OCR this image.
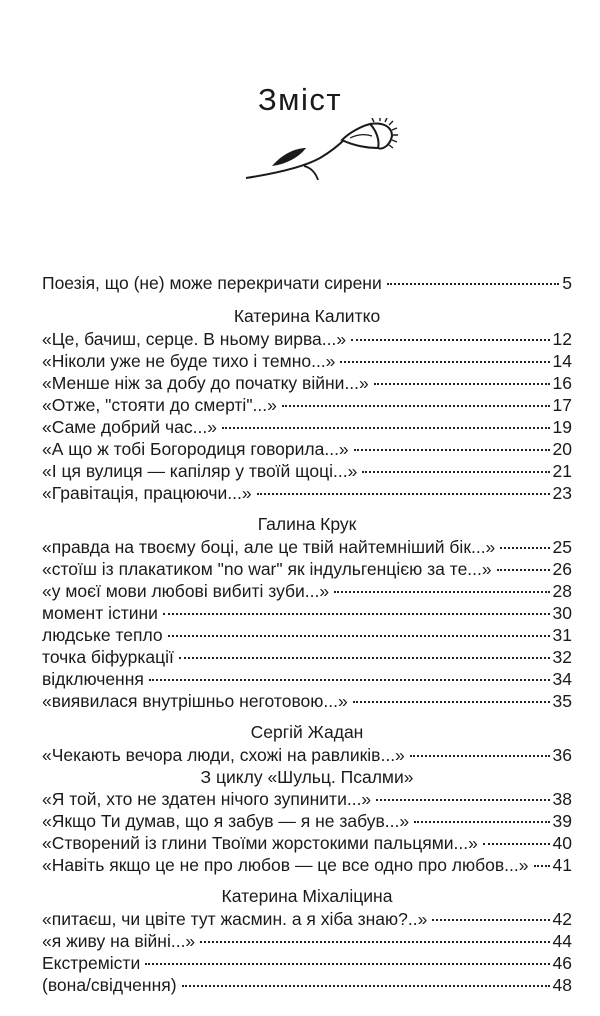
Зміст
Поезія, що (не) може перекричати сирени	5
Катерина Калитко
«Це, бачиш, серце. В ньому вирва...»	12
«Ніколи уже не буде тихо і темно...»	14
«Менше ніж за добу до початку війни...»	16
«Отже, "стояти до смерті"...»	17
«Саме добрий час...»	19
«А що ж тобі Богородиця говорила...»	20
«І ця вулиця — капіляр у твоїй щоці...»	21
«Гравітація, працюючи...»	23
Галина Крук
«правда на твоєму боці, але це твій найтемніший бік...»	25
«стоїш із плакатиком "no war" як індульгенцією за те...»	26
«у моєї мови любові вибиті зуби...»	28
момент істини	30
людське тепло	31
точка біфуркації	32
відключення	34
«виявилася внутрішньо неготовою...»	35
Сергій Жадан
«Чекають вечора люди, схожі на равликів...»	36
З циклу «Шульц. Псалми»
«Я той, хто не здатен нічого зупинити...»	38
«Якщо Ти думав, що я забув — я не забув...»	39
«Створений із глини Твоїми жорстокими пальцями...»	40
«Навіть якщо це не про любов — це все одно про любов...» 41
Катерина Міхаліцина
«питаєш, чи цвіте тут жасмин. а я хіба знаю?..»	42
«я живу на війні...»	44
Екстремісти	46
(вона/свідчення)	48
